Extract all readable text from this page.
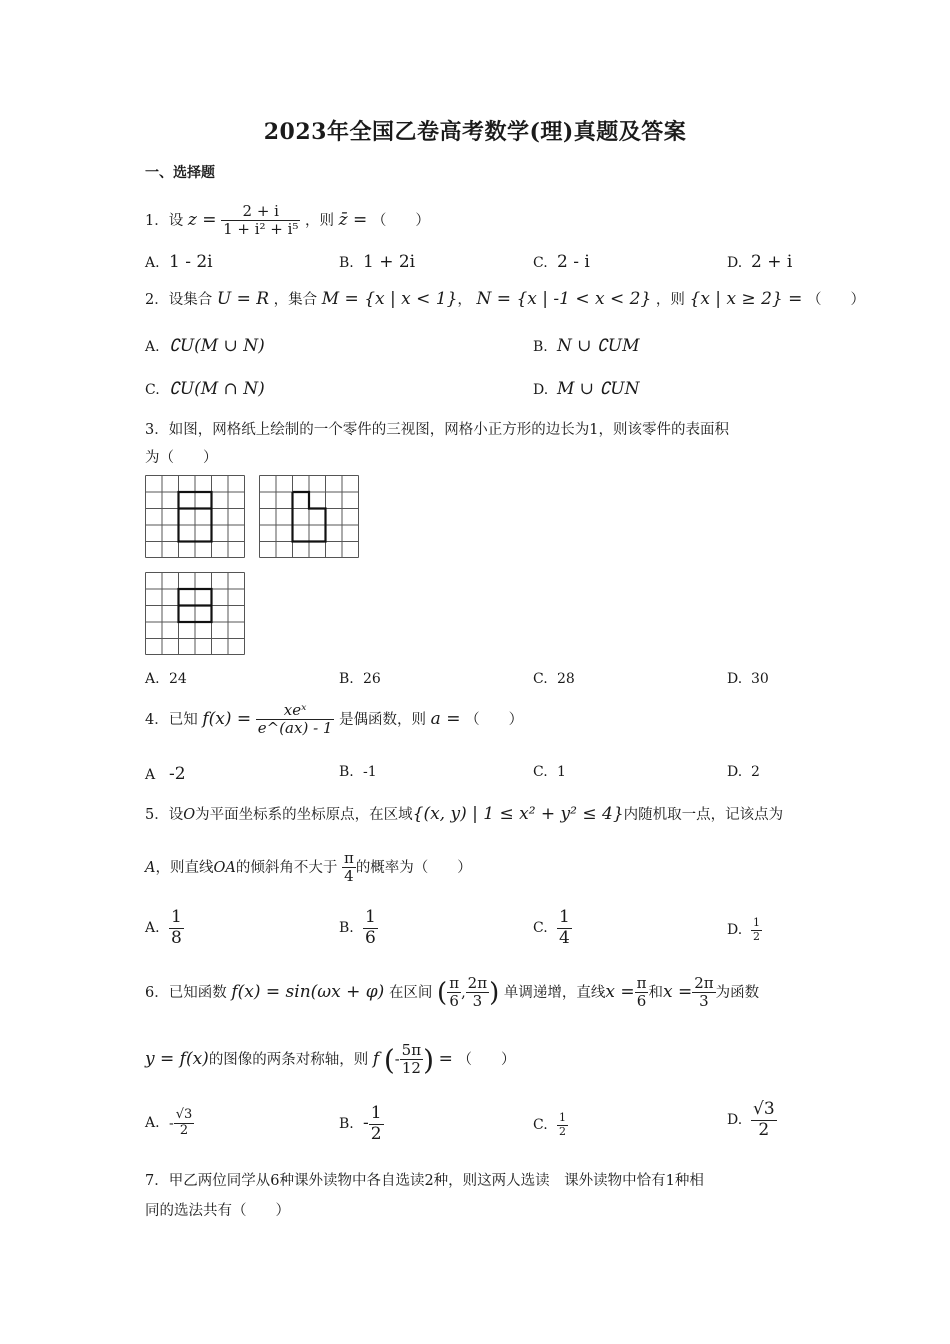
2023年全国乙卷高考数学(理)真题及答案
一、选择题
1．设 $z = \frac{2 + i}{\text{1 + i² + i⁵}}$ ，则 z̄ = （　　）
A. 1 - 2i	B. 1 + 2i	C. 2 - i	D. 2 + i
2．设集合 U = R ，集合 M = {x | x < 1}， N = {x | -1 < x < 2} ，则 {x | x ≥ 2} = （　　）
A. ∁U(M ∪ N)	B. N ∪ ∁UM
C. ∁U(M ∩ N)	D. M ∪ ∁UN
3．如图，网格纸上绘制的一个零件的三视图，网格小正方形的边长为1，则该零件的表面积
为（　　）
A. 24	B. 26	C. 28	D. 30
4．已知 $f(x) = \frac{\text{xeˣ}}{e\^{}(ax) - 1}$ 是偶函数，则 a = （　　）
A -2	B. -1	C. 1	D. 2
5．设O为平面坐标系的坐标原点，在区域{(x, y) | 1 ≤ x² + y² ≤ 4}内随机取一点，记该点为
A，则直线OA的倾斜角不大于 $\frac{\pi}{4}$ 的概率为（　　）
A. $\frac{1}{8}$	B. $\frac{1}{6}$	C. $\frac{1}{4}$	D. $\frac{1}{2}$
6．已知函数 f(x) = sin(ωx + φ) 在区间 ( $\frac{\pi}{6}$ , $\frac{2\pi}{3}$ ) 单调递增，直线$x = \frac{\pi}{6}$ 和$x = \frac{2\pi}{3}$ 为函数
y = f(x)的图像的两条对称轴，则 f (- $\frac{5\pi}{12}$ ) = （　　）
A. - $\frac{√3}{2}$	B. - $\frac{1}{2}$	C. $\frac{1}{2}$	D. $\frac{√3}{2}$
7．甲乙两位同学从6种课外读物中各自选读2种，则这两人选读　课外读物中恰有1种相
同的选法共有（　　）
